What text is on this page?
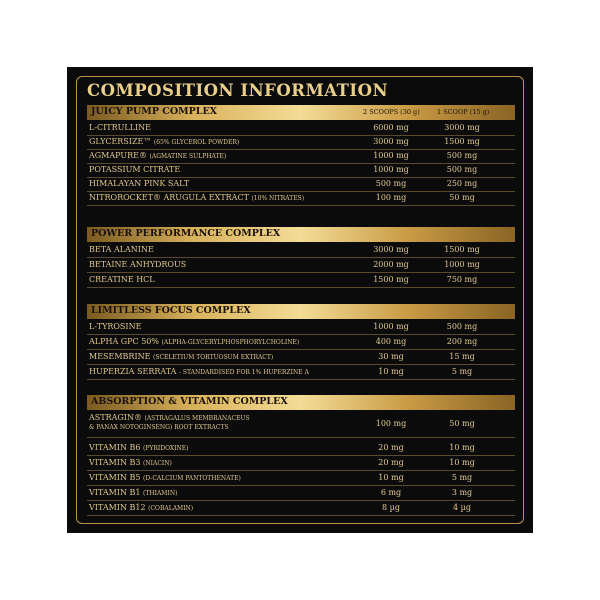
COMPOSITION INFORMATION
JUICY PUMP COMPLEX	2 SCOOPS (30 g)	1 SCOOP (15 g)
L-CITRULLINE	6000 mg	3000 mg
GLYCERSIZE™ (65% GLYCEROL POWDER)	3000 mg	1500 mg
AGMAPURE® (AGMATINE SULPHATE)	1000 mg	500 mg
POTASSIUM CITRATE	1000 mg	500 mg
HIMALAYAN PINK SALT	500 mg	250 mg
NITROROCKET® ARUGULA EXTRACT (10% NITRATES)	100 mg	50 mg
POWER PERFORMANCE COMPLEX
BETA ALANINE	3000 mg	1500 mg
BETAINE ANHYDROUS	2000 mg	1000 mg
CREATINE HCL	1500 mg	750 mg
LIMITLESS FOCUS COMPLEX
L-TYROSINE	1000 mg	500 mg
ALPHA GPC 50% (ALPHA-GLYCERYLPHOSPHORYLCHOLINE)	400 mg	200 mg
MESEMBRINE (SCELETIUM TORTUOSUM EXTRACT)	30 mg	15 mg
HUPERZIA SERRATA - STANDARDISED FOR 1% HUPERZINE A	10 mg	5 mg
ABSORPTION & VITAMIN COMPLEX
ASTRAGIN® (ASTRAGALUS MEMBRANACEUS
& PANAX NOTOGINSENG) ROOT EXTRACTS	100 mg	50 mg
VITAMIN B6 (PYRIDOXINE)	20 mg	10 mg
VITAMIN B3 (NIACIN)	20 mg	10 mg
VITAMIN B5 (D-CALCIUM PANTOTHENATE)	10 mg	5 mg
VITAMIN B1 (THIAMIN)	6 mg	3 mg
VITAMIN B12 (COBALAMIN)	8 µg	4 µg
